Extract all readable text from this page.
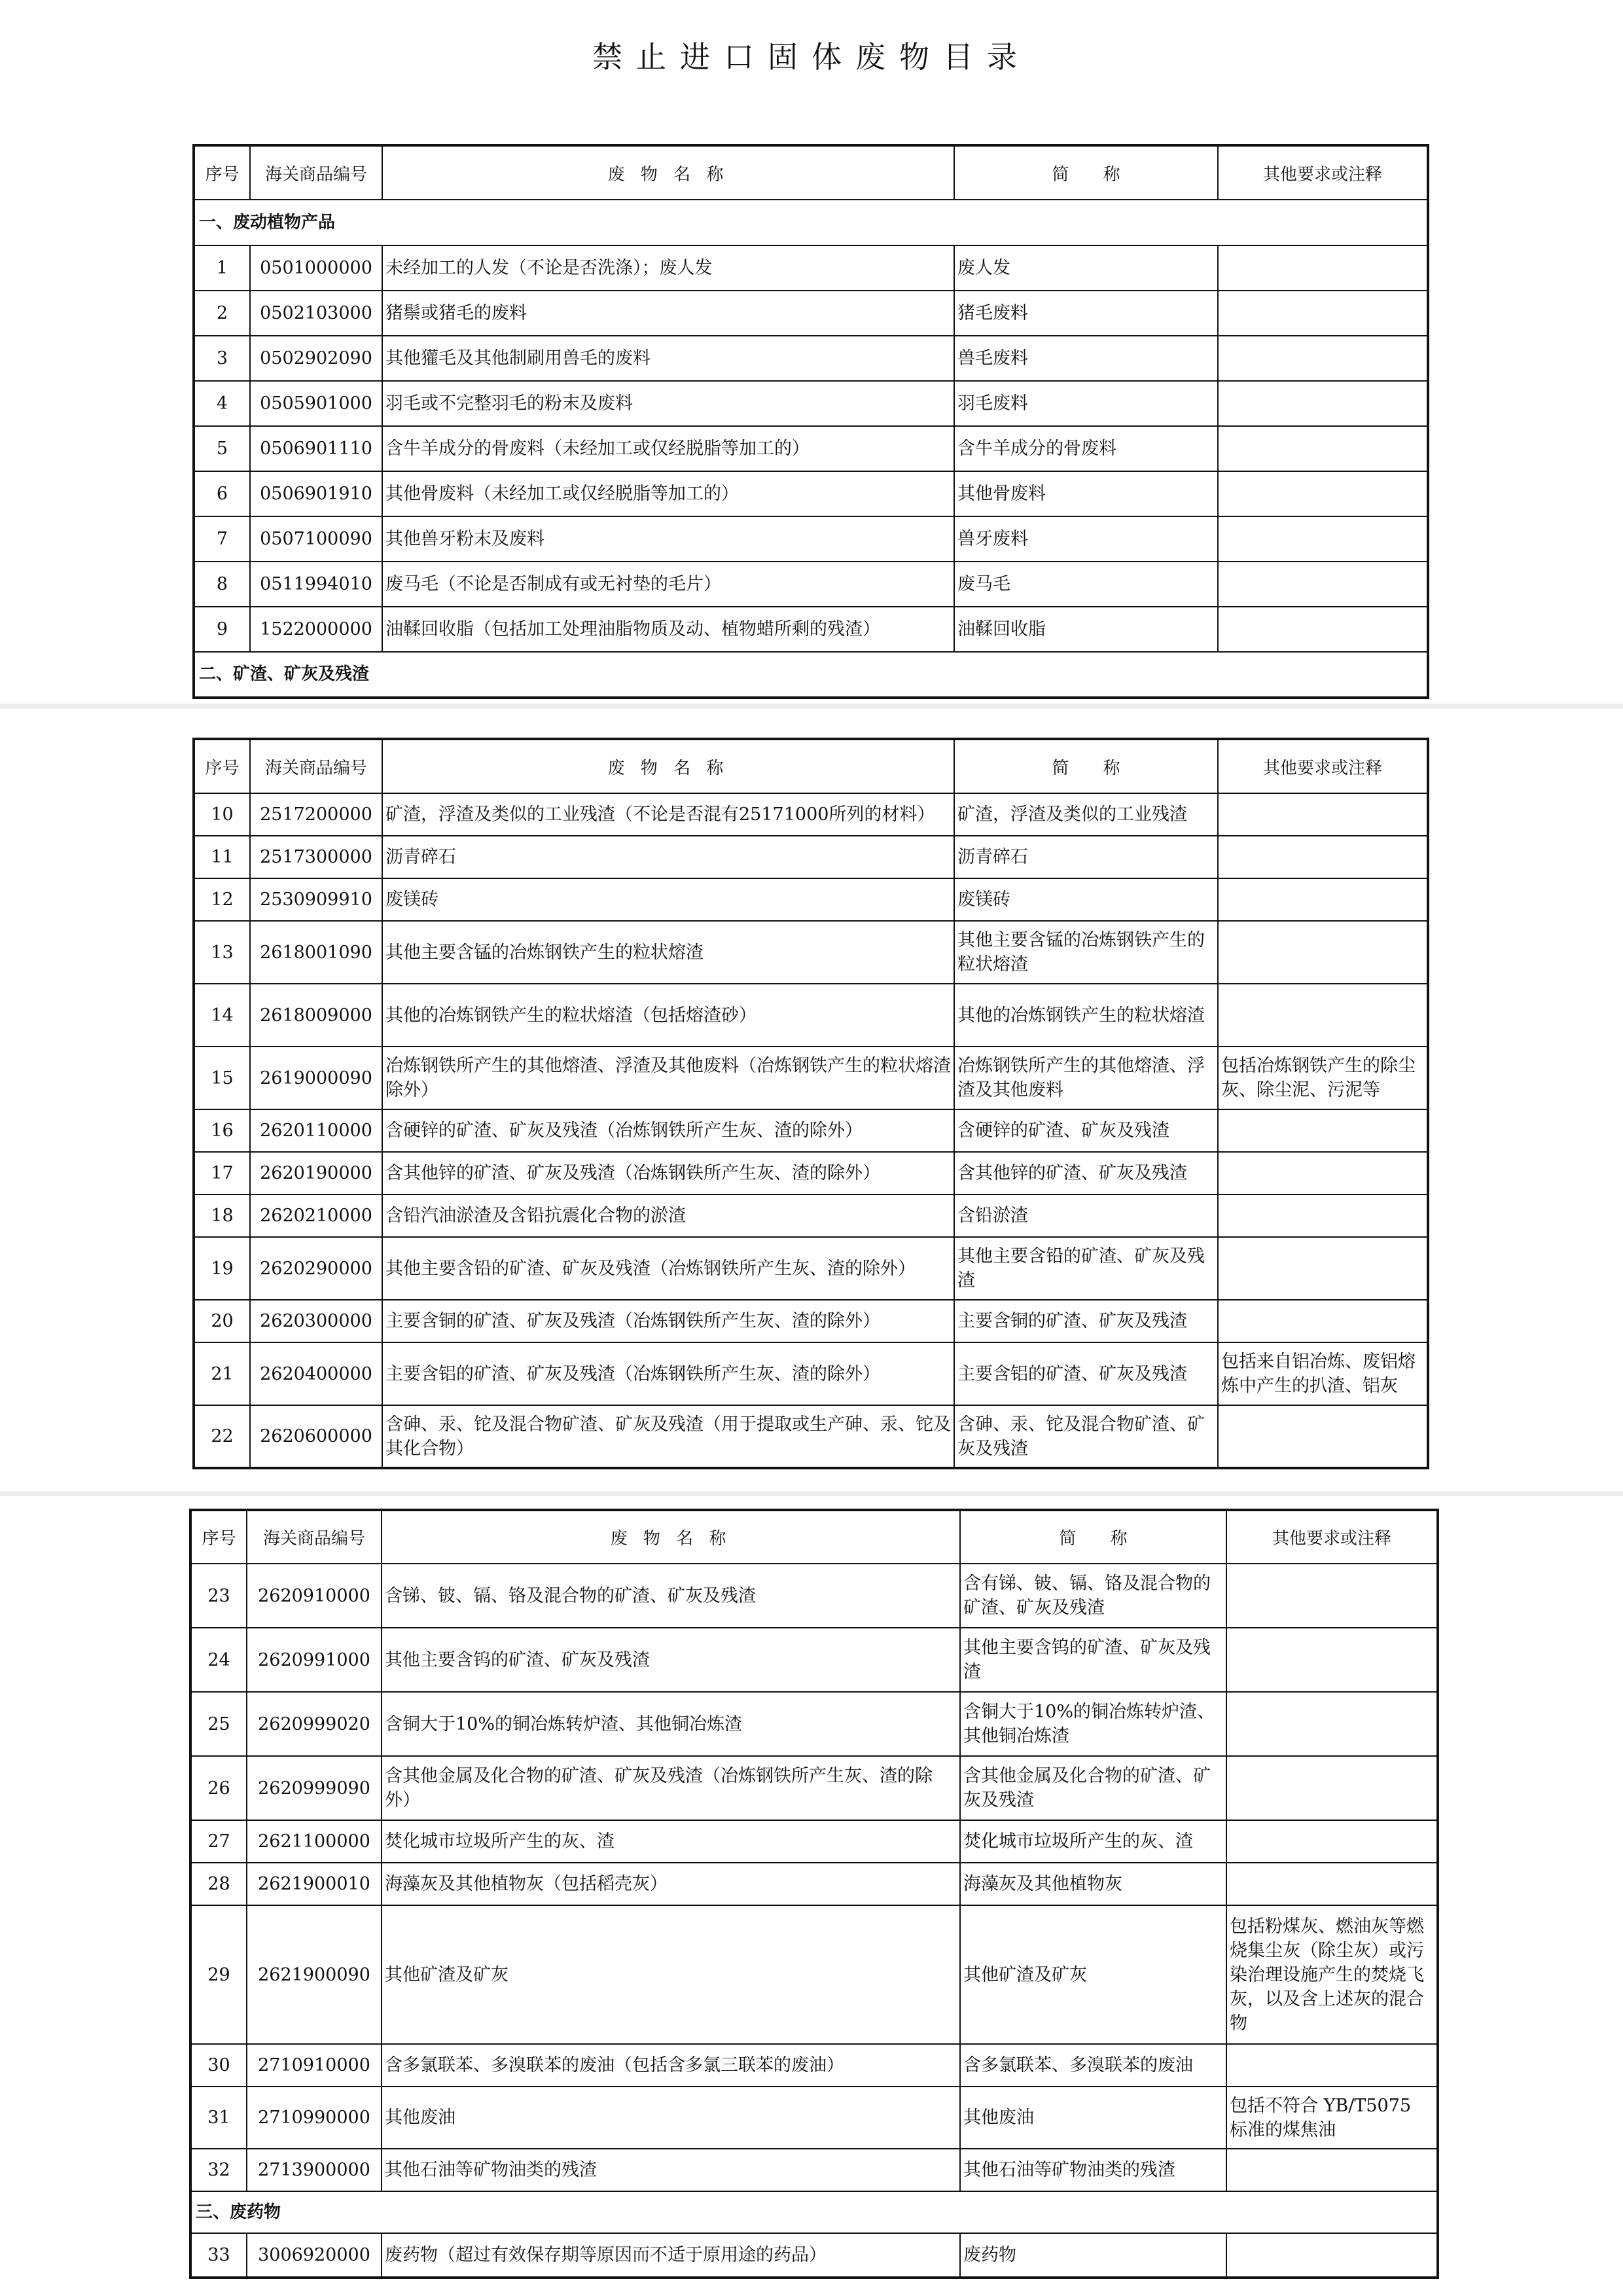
禁止进口固体废物目录
序号	海关商品编号	废 物 名 称	简　　称	其他要求或注释
一、废动植物产品				
1	0501000000	未经加工的人发（不论是否洗涤）；废人发	废人发	
2	0502103000	猪鬃或猪毛的废料	猪毛废料	
3	0502902090	其他獾毛及其他制刷用兽毛的废料	兽毛废料	
4	0505901000	羽毛或不完整羽毛的粉末及废料	羽毛废料	
5	0506901110	含牛羊成分的骨废料（未经加工或仅经脱脂等加工的）	含牛羊成分的骨废料	
6	0506901910	其他骨废料（未经加工或仅经脱脂等加工的）	其他骨废料	
7	0507100090	其他兽牙粉末及废料	兽牙废料	
8	0511994010	废马毛（不论是否制成有或无衬垫的毛片）	废马毛	
9	1522000000	油鞣回收脂（包括加工处理油脂物质及动、植物蜡所剩的残渣）	油鞣回收脂	
二、矿渣、矿灰及残渣				
序号	海关商品编号	废 物 名 称	简　　称	其他要求或注释
10	2517200000	矿渣，浮渣及类似的工业残渣（不论是否混有25171000所列的材料）	矿渣，浮渣及类似的工业残渣	
11	2517300000	沥青碎石	沥青碎石	
12	2530909910	废镁砖	废镁砖	
13	2618001090	其他主要含锰的冶炼钢铁产生的粒状熔渣	其他主要含锰的冶炼钢铁产生的粒状熔渣	
14	2618009000	其他的冶炼钢铁产生的粒状熔渣（包括熔渣砂）	其他的冶炼钢铁产生的粒状熔渣	
15	2619000090	冶炼钢铁所产生的其他熔渣、浮渣及其他废料（冶炼钢铁产生的粒状熔渣除外）	冶炼钢铁所产生的其他熔渣、浮渣及其他废料	包括冶炼钢铁产生的除尘灰、除尘泥、污泥等
16	2620110000	含硬锌的矿渣、矿灰及残渣（冶炼钢铁所产生灰、渣的除外）	含硬锌的矿渣、矿灰及残渣	
17	2620190000	含其他锌的矿渣、矿灰及残渣（冶炼钢铁所产生灰、渣的除外）	含其他锌的矿渣、矿灰及残渣	
18	2620210000	含铅汽油淤渣及含铅抗震化合物的淤渣	含铅淤渣	
19	2620290000	其他主要含铅的矿渣、矿灰及残渣（冶炼钢铁所产生灰、渣的除外）	其他主要含铅的矿渣、矿灰及残渣	
20	2620300000	主要含铜的矿渣、矿灰及残渣（冶炼钢铁所产生灰、渣的除外）	主要含铜的矿渣、矿灰及残渣	
21	2620400000	主要含铝的矿渣、矿灰及残渣（冶炼钢铁所产生灰、渣的除外）	主要含铝的矿渣、矿灰及残渣	包括来自铝冶炼、废铝熔炼中产生的扒渣、铝灰
22	2620600000	含砷、汞、铊及混合物矿渣、矿灰及残渣（用于提取或生产砷、汞、铊及其化合物）	含砷、汞、铊及混合物矿渣、矿灰及残渣	
序号	海关商品编号	废 物 名 称	简　　称	其他要求或注释
23	2620910000	含锑、铍、镉、铬及混合物的矿渣、矿灰及残渣	含有锑、铍、镉、铬及混合物的矿渣、矿灰及残渣	
24	2620991000	其他主要含钨的矿渣、矿灰及残渣	其他主要含钨的矿渣、矿灰及残渣	
25	2620999020	含铜大于10%的铜冶炼转炉渣、其他铜冶炼渣	含铜大于10%的铜冶炼转炉渣、其他铜冶炼渣	
26	2620999090	含其他金属及化合物的矿渣、矿灰及残渣（冶炼钢铁所产生灰、渣的除外）	含其他金属及化合物的矿渣、矿灰及残渣	
27	2621100000	焚化城市垃圾所产生的灰、渣	焚化城市垃圾所产生的灰、渣	
28	2621900010	海藻灰及其他植物灰（包括稻壳灰）	海藻灰及其他植物灰	
29	2621900090	其他矿渣及矿灰	其他矿渣及矿灰	包括粉煤灰、燃油灰等燃烧集尘灰（除尘灰）或污染治理设施产生的焚烧飞灰，以及含上述灰的混合物
30	2710910000	含多氯联苯、多溴联苯的废油（包括含多氯三联苯的废油）	含多氯联苯、多溴联苯的废油	
31	2710990000	其他废油	其他废油	包括不符合 YB/T5075 标准的煤焦油
32	2713900000	其他石油等矿物油类的残渣	其他石油等矿物油类的残渣	
三、废药物				
33	3006920000	废药物（超过有效保存期等原因而不适于原用途的药品）	废药物	
